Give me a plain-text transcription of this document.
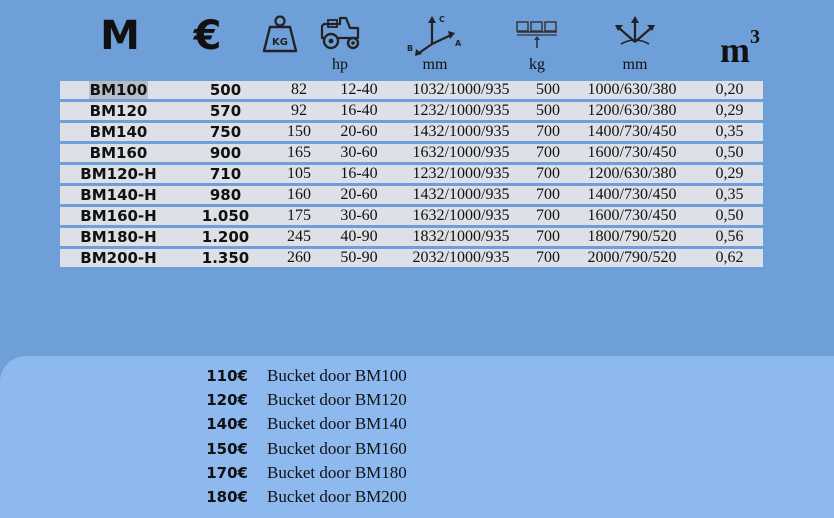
M €	KG
hp
C
B
A
mm	kg	mm	$m^3$
BM100	500	82	12-40	1032/1000/935	500	1000/630/380	0,20
BM120	570	92	16-40	1232/1000/935	500	1200/630/380	0,29
BM140	750	150	20-60	1432/1000/935	700	1400/730/450	0,35
BM160	900	165	30-60	1632/1000/935	700	1600/730/450	0,50
BM120-H	710	105	16-40	1232/1000/935	700	1200/630/380	0,29
BM140-H	980	160	20-60	1432/1000/935	700	1400/730/450	0,35
BM160-H	1.050	175	30-60	1632/1000/935	700	1600/730/450	0,50
BM180-H	1.200	245	40-90	1832/1000/935	700	1800/790/520	0,56
BM200-H	1.350	260	50-90	2032/1000/935	700	2000/790/520	0,62
110€ Bucket door BM100
120€ Bucket door BM120
140€ Bucket door BM140
150€ Bucket door BM160
170€ Bucket door BM180
180€ Bucket door BM200
